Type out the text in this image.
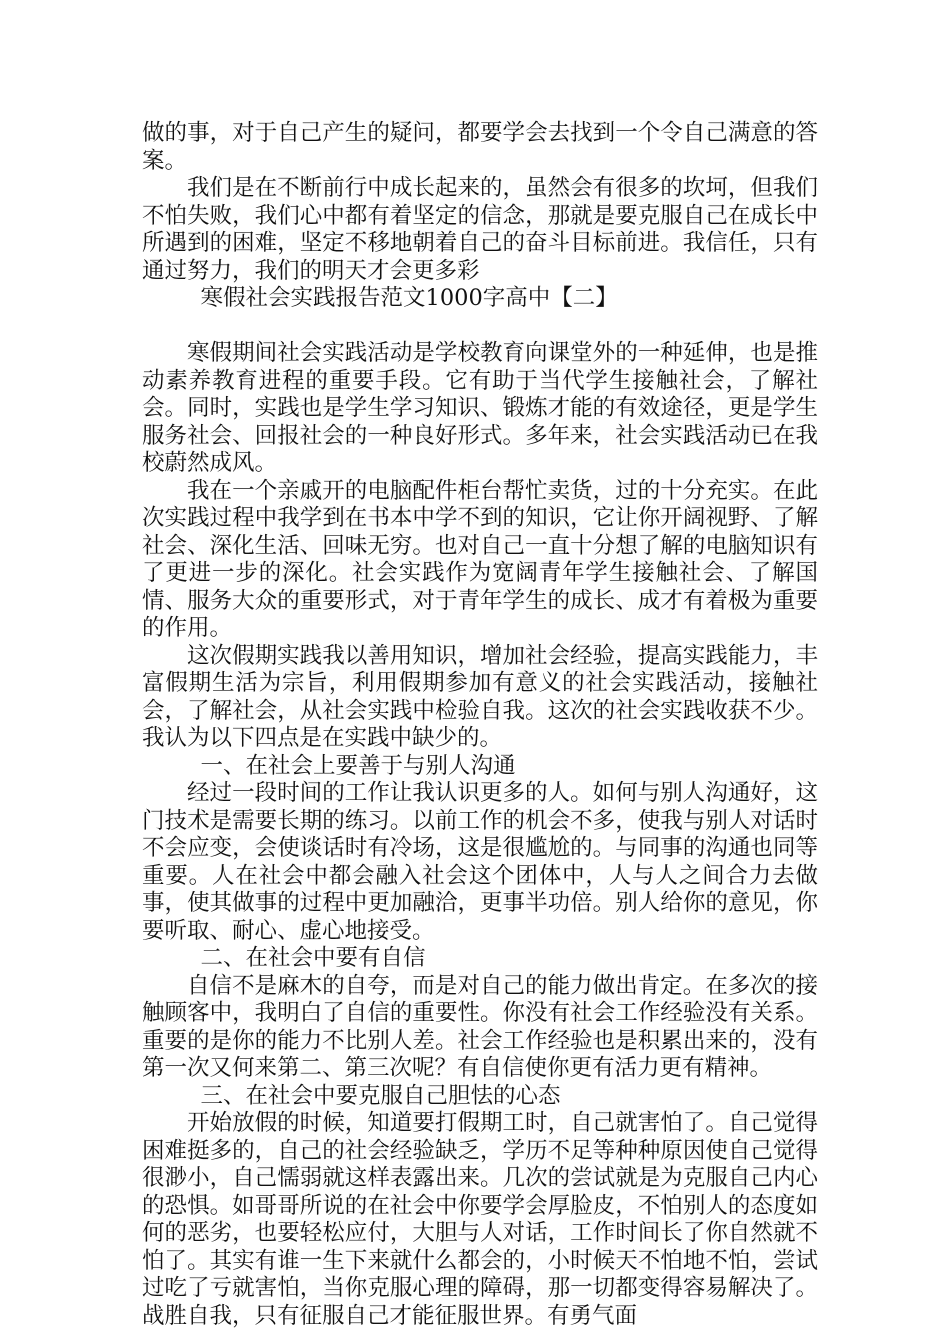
做的事，对于自己产生的疑问，都要学会去找到一个令自己满意的答案。

我们是在不断前行中成长起来的，虽然会有很多的坎坷，但我们不怕失败，我们心中都有着坚定的信念，那就是要克服自己在成长中所遇到的困难，坚定不移地朝着自己的奋斗目标前进。我信任，只有通过努力，我们的明天才会更多彩

寒假社会实践报告范文1000字高中【二】

寒假期间社会实践活动是学校教育向课堂外的一种延伸，也是推动素养教育进程的重要手段。它有助于当代学生接触社会，了解社会。同时，实践也是学生学习知识、锻炼才能的有效途径，更是学生服务社会、回报社会的一种良好形式。多年来，社会实践活动已在我校蔚然成风。

我在一个亲戚开的电脑配件柜台帮忙卖货，过的十分充实。在此次实践过程中我学到在书本中学不到的知识，它让你开阔视野、了解社会、深化生活、回味无穷。也对自己一直十分想了解的电脑知识有了更进一步的深化。社会实践作为宽阔青年学生接触社会、了解国情、服务大众的重要形式，对于青年学生的成长、成才有着极为重要的作用。

这次假期实践我以善用知识，增加社会经验，提高实践能力，丰富假期生活为宗旨，利用假期参加有意义的社会实践活动，接触社会，了解社会，从社会实践中检验自我。这次的社会实践收获不少。我认为以下四点是在实践中缺少的。

一、在社会上要善于与别人沟通

经过一段时间的工作让我认识更多的人。如何与别人沟通好，这门技术是需要长期的练习。以前工作的机会不多，使我与别人对话时不会应变，会使谈话时有冷场，这是很尴尬的。与同事的沟通也同等重要。人在社会中都会融入社会这个团体中，人与人之间合力去做事，使其做事的过程中更加融洽，更事半功倍。别人给你的意见，你要听取、耐心、虚心地接受。

二、在社会中要有自信

自信不是麻木的自夸，而是对自己的能力做出肯定。在多次的接触顾客中，我明白了自信的重要性。你没有社会工作经验没有关系。重要的是你的能力不比别人差。社会工作经验也是积累出来的，没有第一次又何来第二、第三次呢？有自信使你更有活力更有精神。

三、在社会中要克服自己胆怯的心态

开始放假的时候，知道要打假期工时，自己就害怕了。自己觉得困难挺多的，自己的社会经验缺乏，学历不足等种种原因使自己觉得很渺小，自己懦弱就这样表露出来。几次的尝试就是为克服自己内心的恐惧。如哥哥所说的在社会中你要学会厚脸皮，不怕别人的态度如何的恶劣，也要轻松应付，大胆与人对话，工作时间长了你自然就不怕了。其实有谁一生下来就什么都会的，小时候天不怕地不怕，尝试过吃了亏就害怕，当你克服心理的障碍，那一切都变得容易解决了。战胜自我，只有征服自己才能征服世界。有勇气面
